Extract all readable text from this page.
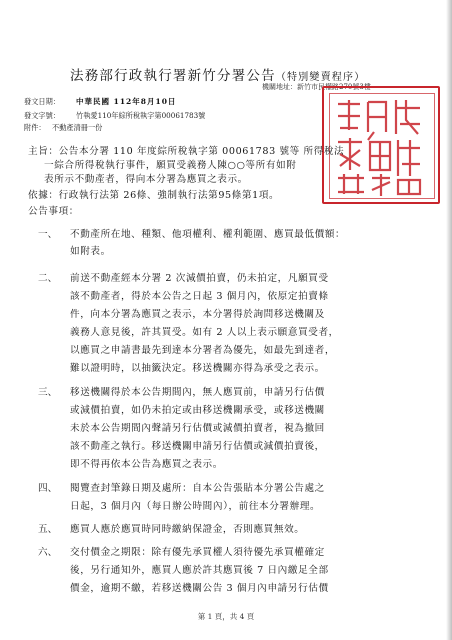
法務部行政執行署新竹分署公告（特別變賣程序）
機關地址：新竹市民權路270號3樓
發文日期： 中華民國 112年8月10日
發文字號： 竹執愛110年綜所稅執字第00061783號
附件： 不動產清冊一份
主旨：公告本分署 110 年度綜所稅執字第 00061783 號等 所得稅法
一綜合所得稅執行事件，願買受義務人陳○○等所有如附
表所示不動產者，得向本分署為應買之表示。
依據：行政執行法第 26條、強制執行法第95條第1項。
公告事項：
一、 不動產所在地、種類、他項權利、權利範圍、應買最低價額：
如附表。
二、 前送不動產經本分署 2 次減價拍賣，仍未拍定，凡願買受
該不動產者，得於本公告之日起 3 個月內，依原定拍賣條
件，向本分署為應買之表示，本分署得於詢問移送機關及
義務人意見後，許其買受。如有 2 人以上表示願意買受者，
以應買之申請書最先到達本分署者為優先，如最先到達者，
難以證明時，以抽籤決定。移送機關亦得為承受之表示。
三、 移送機關得於本公告期間內，無人應買前，申請另行估價
或減價拍賣，如仍未拍定或由移送機關承受，或移送機關
未於本公告期間內聲請另行估價或減價拍賣者，視為撤回
該不動產之執行。移送機關申請另行估價或減價拍賣後，
即不得再依本公告為應買之表示。
四、 閱覽查封筆錄日期及處所：自本公告張貼本分署公告處之
日起，3 個月內（每日辦公時間內），前往本分署辦理。
五、 應買人應於應買時同時繳納保證金，否則應買無效。
六、 交付價金之期限：除有優先承買權人須待優先承買權確定
後，另行通知外，應買人應於許其應買後 7 日內繳足全部
價金，逾期不繳，若移送機關公告 3 個月內申請另行估價
第 1 頁，共 4 頁
